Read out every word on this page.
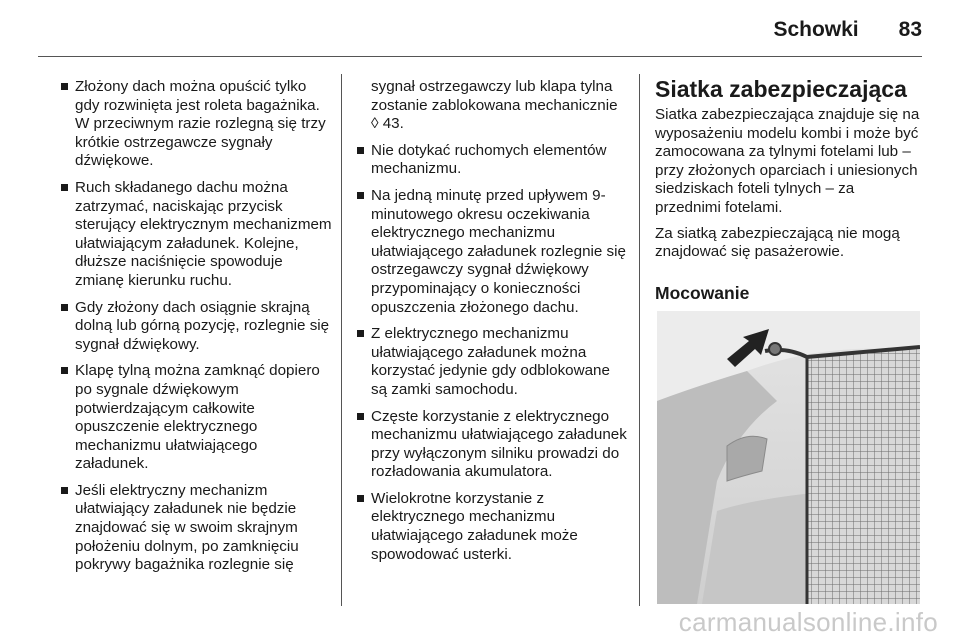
Schowki 83
Złożony dach można opuścić tylko gdy rozwinięta jest roleta bagażnika. W przeciwnym razie rozlegną się trzy krótkie ostrzegawcze sygnały dźwiękowe.
Ruch składanego dachu można zatrzymać, naciskając przycisk sterujący elektrycznym mechanizmem ułatwiającym załadunek. Kolejne, dłuższe naciśnięcie spowoduje zmianę kierunku ruchu.
Gdy złożony dach osiągnie skrajną dolną lub górną pozycję, rozlegnie się sygnał dźwiękowy.
Klapę tylną można zamknąć dopiero po sygnale dźwiękowym potwierdzającym całkowite opuszczenie elektrycznego mechanizmu ułatwiającego załadunek.
Jeśli elektryczny mechanizm ułatwiający załadunek nie będzie znajdować się w swoim skrajnym położeniu dolnym, po zamknięciu pokrywy bagażnika rozlegnie się
sygnał ostrzegawczy lub klapa tylna zostanie zablokowana mechanicznie ◊ 43.
Nie dotykać ruchomych elementów mechanizmu.
Na jedną minutę przed upływem 9-minutowego okresu oczekiwania elektrycznego mechanizmu ułatwiającego załadunek rozlegnie się ostrzegawczy sygnał dźwiękowy przypominający o konieczności opuszczenia złożonego dachu.
Z elektrycznego mechanizmu ułatwiającego załadunek można korzystać jedynie gdy odblokowane są zamki samochodu.
Częste korzystanie z elektrycznego mechanizmu ułatwiającego załadunek przy wyłączonym silniku prowadzi do rozładowania akumulatora.
Wielokrotne korzystanie z elektrycznego mechanizmu ułatwiającego załadunek może spowodować usterki.
Siatka zabezpieczająca
Siatka zabezpieczająca znajduje się na wyposażeniu modelu kombi i może być zamocowana za tylnymi fotelami lub – przy złożonych oparciach i uniesionych siedziskach foteli tylnych – za przednimi fotelami.
Za siatką zabezpieczającą nie mogą znajdować się pasażerowie.
Mocowanie
carmanualsonline.info
